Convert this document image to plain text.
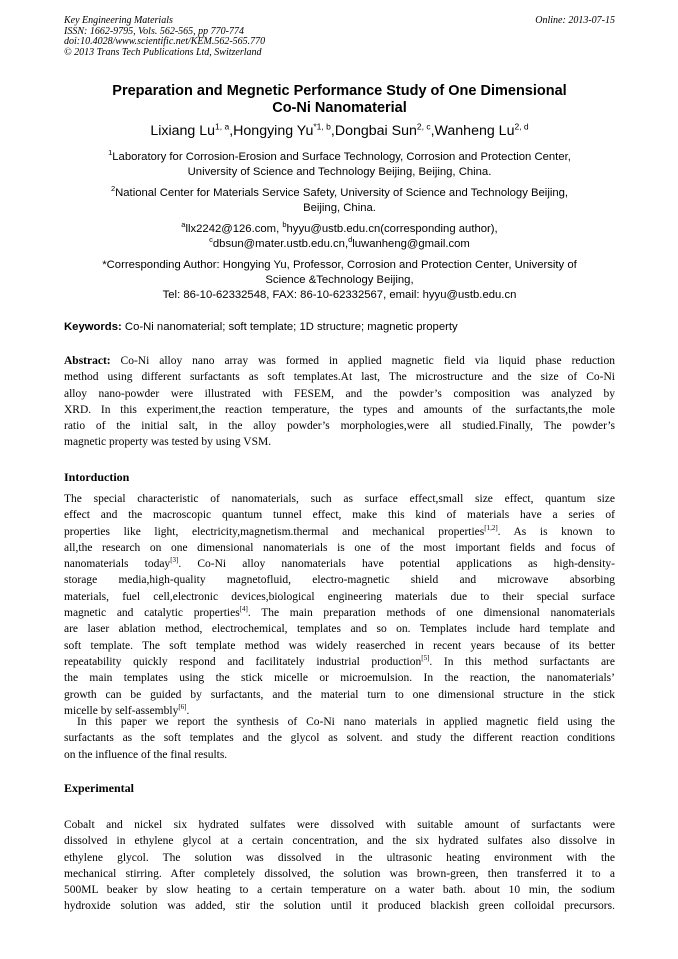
Key Engineering Materials
ISSN: 1662-9795, Vols. 562-565, pp 770-774
doi:10.4028/www.scientific.net/KEM.562-565.770
© 2013 Trans Tech Publications Ltd, Switzerland
Online: 2013-07-15
Preparation and Megnetic Performance Study of One Dimensional
Co-Ni Nanomaterial
Lixiang Lu$^{1, a}$,Hongying Yu$^{*1, b}$,Dongbai Sun$^{2, c}$,Wanheng Lu$^{2, d}$
$^1$Laboratory for Corrosion-Erosion and Surface Technology, Corrosion and Protection Center,
University of Science and Technology Beijing, Beijing, China.
$^2$National Center for Materials Service Safety, University of Science and Technology Beijing,
Beijing, China.
$^a$llx2242@126.com, $^b$hyyu@ustb.edu.cn(corresponding author),
$^c$dbsun@mater.ustb.edu.cn,$^d$luwanheng@gmail.com
*Corresponding Author: Hongying Yu, Professor, Corrosion and Protection Center, University of
Science &Technology Beijing,
Tel: 86-10-62332548, FAX: 86-10-62332567, email: hyyu@ustb.edu.cn
Keywords: Co-Ni nanomaterial; soft template; 1D structure; magnetic property
Abstract: Co-Ni alloy nano array was formed in applied magnetic field via liquid phase reduction
method using different surfactants as soft templates.At last, The microstructure and the size of Co-Ni
alloy nano-powder were illustrated with FESEM, and the powder’s composition was analyzed by
XRD. In this experiment,the reaction temperature, the types and amounts of the surfactants,the mole
ratio of the initial salt, in the alloy powder’s morphologies,were all studied.Finally, The powder’s
magnetic property was tested by using VSM.
Intorduction
The special characteristic of nanomaterials, such as surface effect,small size effect, quantum size
effect and the macroscopic quantum tunnel effect, make this kind of materials have a series of
properties like light, electricity,magnetism.thermal and mechanical properties[1,2]. As is known to
all,the research on one dimensional nanomaterials is one of the most important fields and focus of
nanomaterials today[3]. Co-Ni alloy nanomaterials have potential applications as high-density-
storage media,high-quality magnetofluid, electro-magnetic shield and microwave absorbing
materials, fuel cell,electronic devices,biological engineering materials due to their special surface
magnetic and catalytic properties[4]. The main preparation methods of one dimensional nanomaterials
are laser ablation method, electrochemical, templates and so on. Templates include hard template and
soft template. The soft template method was widely reaserched in recent years because of its better
repeatability quickly respond and facilitately industrial production[5]. In this method surfactants are
the main templates using the stick micelle or microemulsion. In the reaction, the nanomaterials’
growth can be guided by surfactants, and the material turn to one dimensional structure in the stick
micelle by self-assembly[6].
In this paper we report the synthesis of Co-Ni nano materials in applied magnetic field using the
surfactants as the soft templates and the glycol as solvent. and study the different reaction conditions
on the influence of the final results.
Experimental
Cobalt and nickel six hydrated sulfates were dissolved with suitable amount of surfactants were
dissolved in ethylene glycol at a certain concentration, and the six hydrated sulfates also dissolve in
ethylene glycol. The solution was dissolved in the ultrasonic heating environment with the
mechanical stirring. After completely dissolved, the solution was brown-green, then transferred it to a
500ML beaker by slow heating to a certain temperature on a water bath. about 10 min, the sodium
hydroxide solution was added, stir the solution until it produced blackish green colloidal precursors.
